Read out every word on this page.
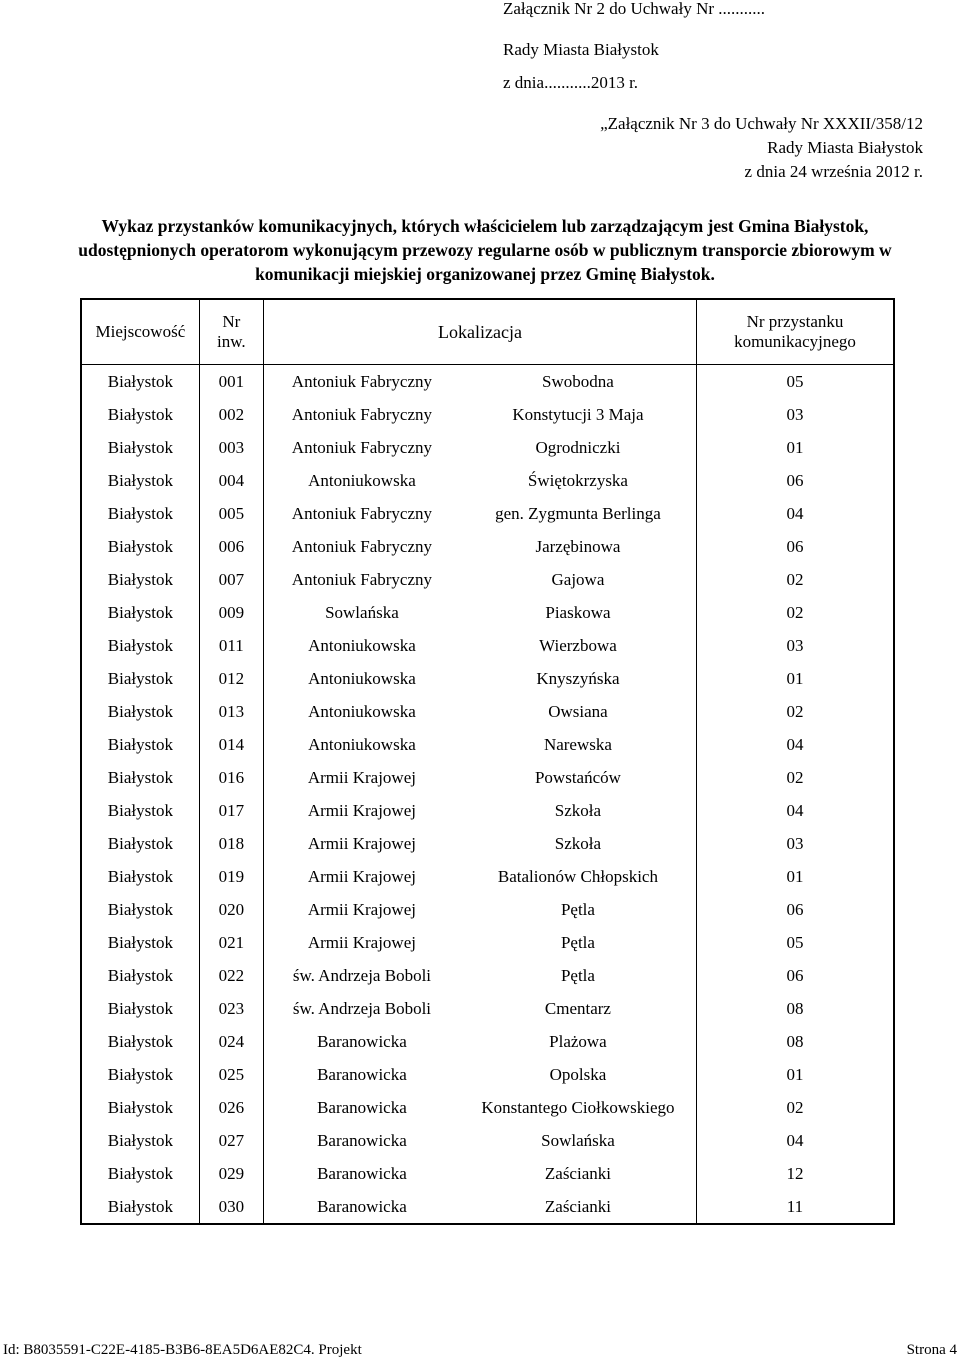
Załącznik Nr 2 do Uchwały Nr ...........
Rady Miasta Białystok
z dnia...........2013 r.
„Załącznik Nr 3 do Uchwały Nr XXXII/358/12
Rady Miasta Białystok
z dnia 24 września 2012 r.
Wykaz przystanków komunikacyjnych, których właścicielem lub zarządzającym jest Gmina Białystok, udostępnionych operatorom wykonującym przewozy regularne osób w publicznym transporcie zbiorowym w komunikacji miejskiej organizowanej przez Gminę Białystok.
Miejscowość	Nr inw.	Lokalizacja		Nr przystanku komunikacyjnego
Białystok	001	Antoniuk Fabryczny	Swobodna	05
Białystok	002	Antoniuk Fabryczny	Konstytucji 3 Maja	03
Białystok	003	Antoniuk Fabryczny	Ogrodniczki	01
Białystok	004	Antoniukowska	Świętokrzyska	06
Białystok	005	Antoniuk Fabryczny	gen. Zygmunta Berlinga	04
Białystok	006	Antoniuk Fabryczny	Jarzębinowa	06
Białystok	007	Antoniuk Fabryczny	Gajowa	02
Białystok	009	Sowlańska	Piaskowa	02
Białystok	011	Antoniukowska	Wierzbowa	03
Białystok	012	Antoniukowska	Knyszyńska	01
Białystok	013	Antoniukowska	Owsiana	02
Białystok	014	Antoniukowska	Narewska	04
Białystok	016	Armii Krajowej	Powstańców	02
Białystok	017	Armii Krajowej	Szkoła	04
Białystok	018	Armii Krajowej	Szkoła	03
Białystok	019	Armii Krajowej	Batalionów Chłopskich	01
Białystok	020	Armii Krajowej	Pętla	06
Białystok	021	Armii Krajowej	Pętla	05
Białystok	022	św. Andrzeja Boboli	Pętla	06
Białystok	023	św. Andrzeja Boboli	Cmentarz	08
Białystok	024	Baranowicka	Plażowa	08
Białystok	025	Baranowicka	Opolska	01
Białystok	026	Baranowicka	Konstantego Ciołkowskiego	02
Białystok	027	Baranowicka	Sowlańska	04
Białystok	029	Baranowicka	Zaścianki	12
Białystok	030	Baranowicka	Zaścianki	11
Id: B8035591-C22E-4185-B3B6-8EA5D6AE82C4. Projekt	Strona 4
